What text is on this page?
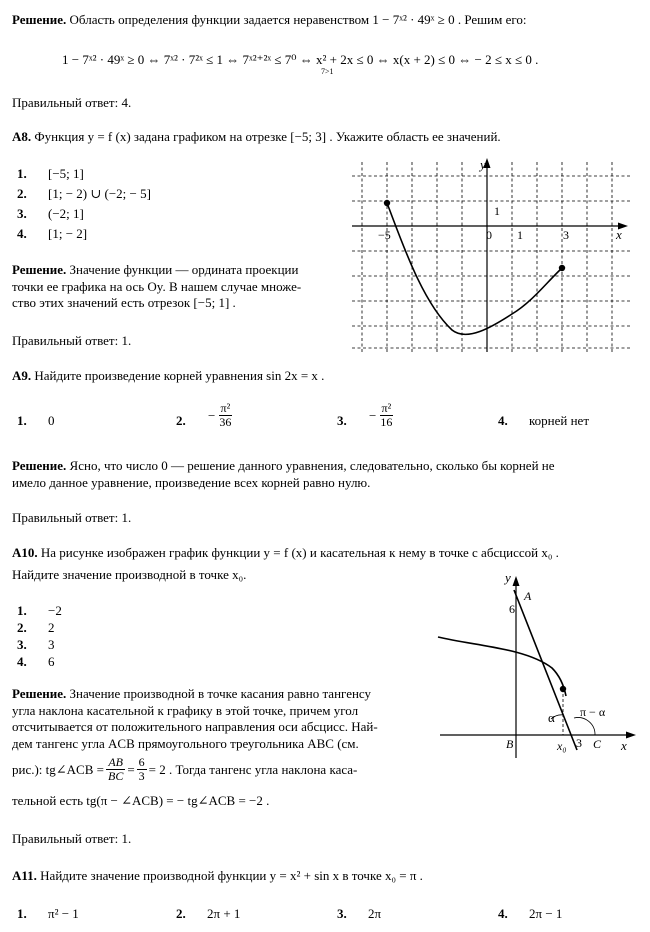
Решение. Область определения функции задается неравенством 1 − 7ˣ² · 49ˣ ≥ 0 . Решим его:
1 − 7ˣ² · 49ˣ ≥ 0 ⇔ 7ˣ² · 7²ˣ ≤ 1 ⇔ 7ˣ²⁺²ˣ ≤ 7⁰ ⇔ x² + 2x ≤ 0 ⇔ x(x + 2) ≤ 0 ⇔ − 2 ≤ x ≤ 0 .
7>1
Правильный ответ: 4.
А8. Функция y = f (x) задана графиком на отрезке [−5; 3] . Укажите область ее значений.
1. [−5; 1]
2. [1; − 2) ∪ (−2; − 5]
3. (−2; 1]
4. [1; − 2]
Решение. Значение функции — ордината проекции
точки ее графика на ось Oy. В нашем случае множе-
ство этих значений есть отрезок [−5; 1] .
Правильный ответ: 1.
y
x
−5	0 1	3
1
А9. Найдите произведение корней уравнения sin 2x = x .
1. 0	2. − $\frac{\text{π²}}{36}$	3. − $\frac{\text{π²}}{16}$	4. корней нет
Решение. Ясно, что число 0 — решение данного уравнения, следовательно, сколько бы корней не
имело данное уравнение, произведение всех корней равно нулю.
Правильный ответ: 1.
А10. На рисунке изображен график функции y = f (x) и касательная к нему в точке с абсциссой x₀ .
Найдите значение производной в точке x₀.
1. −2
2. 2
3. 3
4. 6
Решение. Значение производной в точке касания равно тангенсу
угла наклона касательной к графику в этой точке, причем угол
отсчитывается от положительного направления оси абсцисс. Най-
дем тангенс угла ACB прямоугольного треугольника ABC (см.
рис.): tg∠ACB = $\frac{AB}{BC} = \frac{6}{3} = 2$ . Тогда тангенс угла наклона каса-
тельной есть tg(π − ∠ACB) = − tg∠ACB = −2 .
Правильный ответ: 1.
y
x
A
6
B	C
3
x₀
α π − α
А11. Найдите значение производной функции y = x² + sin x в точке x₀ = π .
1. π² − 1	2. 2π + 1	3. 2π	4. 2π − 1
